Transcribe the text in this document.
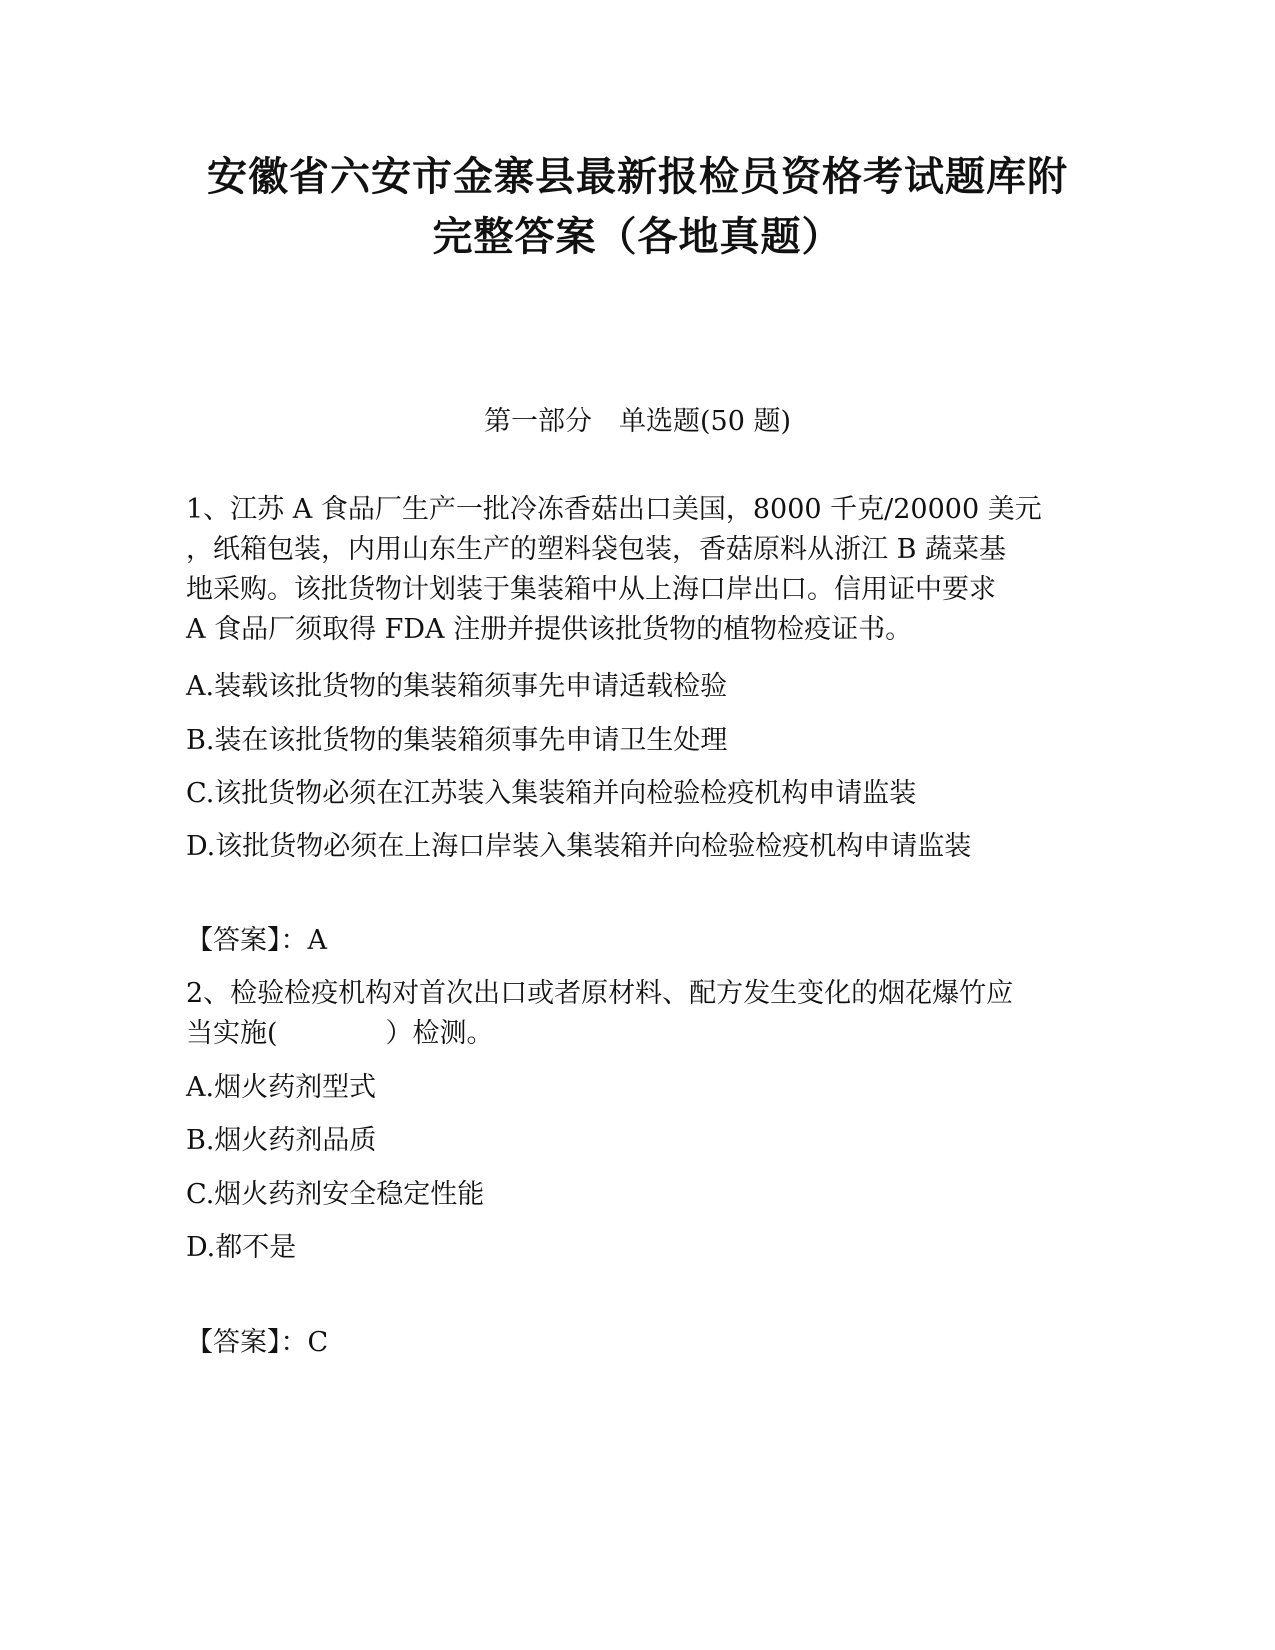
安徽省六安市金寨县最新报检员资格考试题库附
完整答案（各地真题）
第一部分　单选题(50 题)

1、江苏 A 食品厂生产一批冷冻香菇出口美国，8000 千克/20000 美元

，纸箱包装，内用山东生产的塑料袋包装，香菇原料从浙江 B 蔬菜基

地采购。该批货物计划装于集装箱中从上海口岸出口。信用证中要求

A 食品厂须取得 FDA 注册并提供该批货物的植物检疫证书。

A.装载该批货物的集装箱须事先申请适载检验

B.装在该批货物的集装箱须事先申请卫生处理

C.该批货物必须在江苏装入集装箱并向检验检疫机构申请监装

D.该批货物必须在上海口岸装入集装箱并向检验检疫机构申请监装

【答案】：A

2、检验检疫机构对首次出口或者原材料、配方发生变化的烟花爆竹应

当实施(　　　　）检测。

A.烟火药剂型式

B.烟火药剂品质

C.烟火药剂安全稳定性能

D.都不是

【答案】：C
